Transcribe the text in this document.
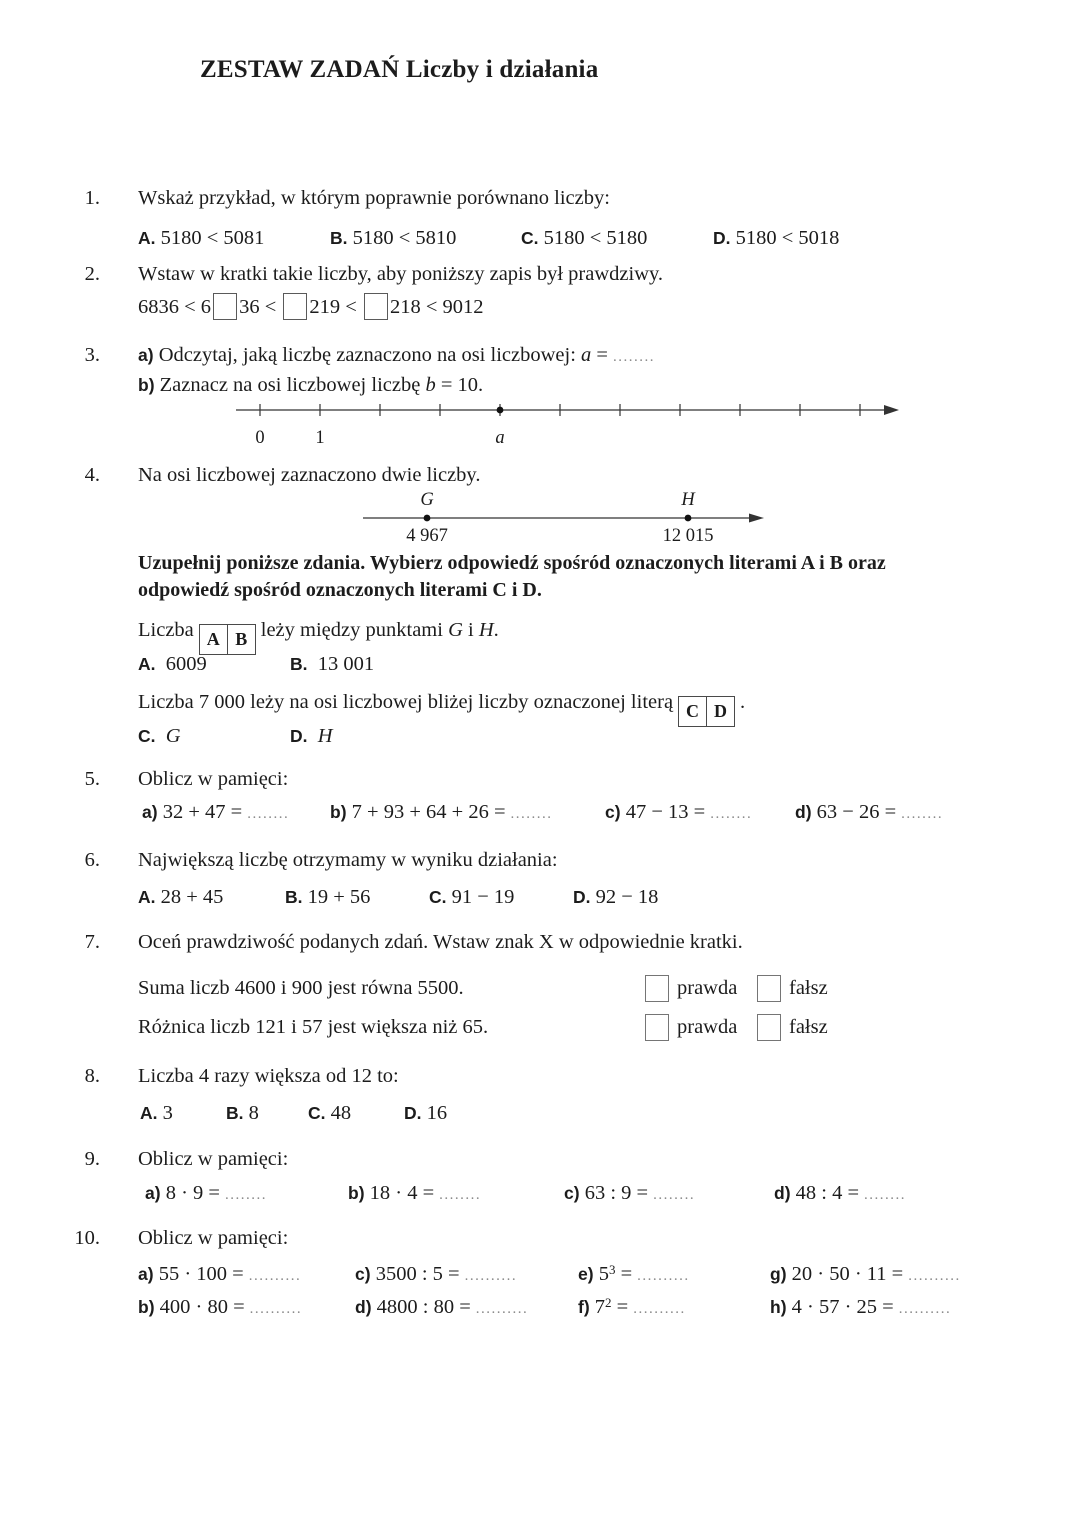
ZESTAW ZADAŃ Liczby i działania
1. Wskaż przykład, w którym poprawnie porównano liczby:
A. 5180 < 5081	B. 5180 < 5810	C. 5180 < 5180	D. 5180 < 5018
2. Wstaw w kratki takie liczby, aby poniższy zapis był prawdziwy.
6836 < 6 36 < 219 < 218 < 9012
3. a) Odczytaj, jaką liczbę zaznaczono na osi liczbowej: a = ........
b) Zaznacz na osi liczbowej liczbę b = 10.
0	1	a
4. Na osi liczbowej zaznaczono dwie liczby.
G	H
4 967	12 015
Uzupełnij poniższe zdania. Wybierz odpowiedź spośród oznaczonych literami A i B oraz
odpowiedź spośród oznaczonych literami C i D.
Liczba A B leży między punktami G i H.
A. 6009	B. 13 001
Liczba 7 000 leży na osi liczbowej bliżej liczby oznaczonej literą C D .
C. G	D. H
5. Oblicz w pamięci:
a) 32 + 47 = ........ b) 7 + 93 + 64 + 26 = ........	c) 47 − 13 = ........ d) 63 − 26 = ........
6. Największą liczbę otrzymamy w wyniku działania:
A. 28 + 45	B. 19 + 56	C. 91 − 19	D. 92 − 18
7. Oceń prawdziwość podanych zdań. Wstaw znak X w odpowiednie kratki.
Suma liczb 4600 i 900 jest równa 5500.	prawda	fałsz
Różnica liczb 121 i 57 jest większa niż 65.	prawda	fałsz
8. Liczba 4 razy większa od 12 to:
A. 3	B. 8	C. 48	D. 16
9. Oblicz w pamięci:
a) 8 · 9 = ........	b) 18 · 4 = ........	c) 63 : 9 = ........	d) 48 : 4 = ........
10. Oblicz w pamięci:
a) 55 · 100 = ..........	c) 3500 : 5 = ..........	e) $5^3$ = ..........	g) 20 · 50 · 11 = ..........
b) 400 · 80 = ..........	d) 4800 : 80 = ..........	f) $7^2$ = ..........	h) 4 · 57 · 25 = ..........
